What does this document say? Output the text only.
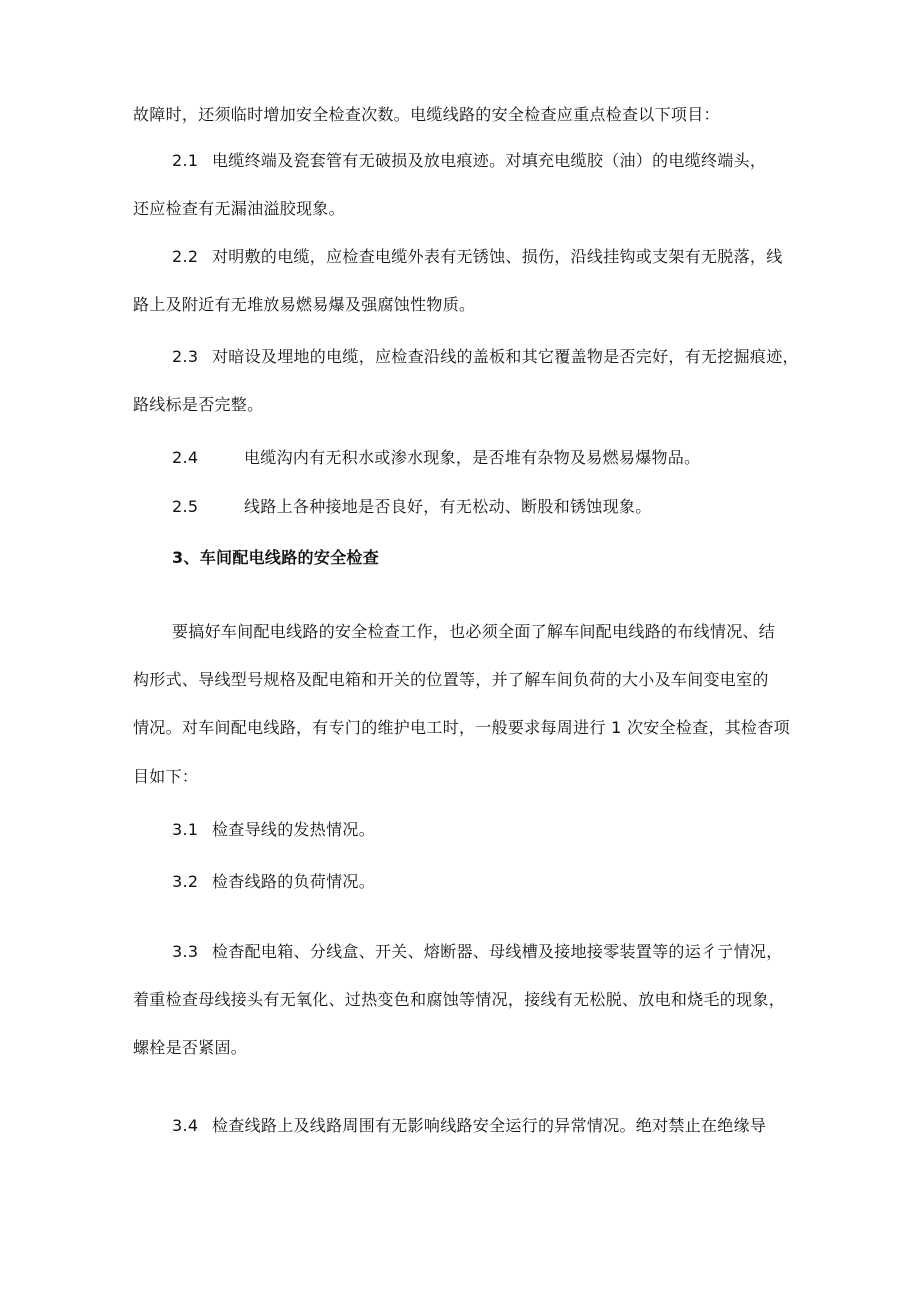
故障时，还须临时增加安全检查次数。电缆线路的安全检查应重点检查以下项目：
2.1 电缆终端及瓷套管有无破损及放电痕迹。对填充电缆胶（油）的电缆终端头，
还应检查有无漏油溢胶现象。
2.2 对明敷的电缆，应检查电缆外表有无锈蚀、损伤，沿线挂钩或支架有无脱落，线
路上及附近有无堆放易燃易爆及强腐蚀性物质。
2.3 对暗设及埋地的电缆，应检查沿线的盖板和其它覆盖物是否完好，有无挖掘痕迹，
路线标是否完整。
2.4	电缆沟内有无积水或渗水现象，是否堆有杂物及易燃易爆物品。
2.5	线路上各种接地是否良好，有无松动、断股和锈蚀现象。
3、车间配电线路的安全检查
要搞好车间配电线路的安全检查工作，也必须全面了解车间配电线路的布线情况、结
构形式、导线型号规格及配电箱和开关的位置等，并了解车间负荷的大小及车间变电室的
情况。对车间配电线路，有专门的维护电工时，一般要求每周进行 1 次安全检查，其检杳项
目如下：
3.1 检查导线的发热情况。
3.2 检杳线路的负荷情况。
3.3 检杳配电箱、分线盒、开关、熔断器、母线槽及接地接零装置等的运彳亍情况，
着重检查母线接头有无氧化、过热变色和腐蚀等情况，接线有无松脱、放电和烧毛的现象，
螺栓是否紧固。
3.4 检查线路上及线路周围有无影响线路安全运行的异常情况。绝对禁止在绝缘导
